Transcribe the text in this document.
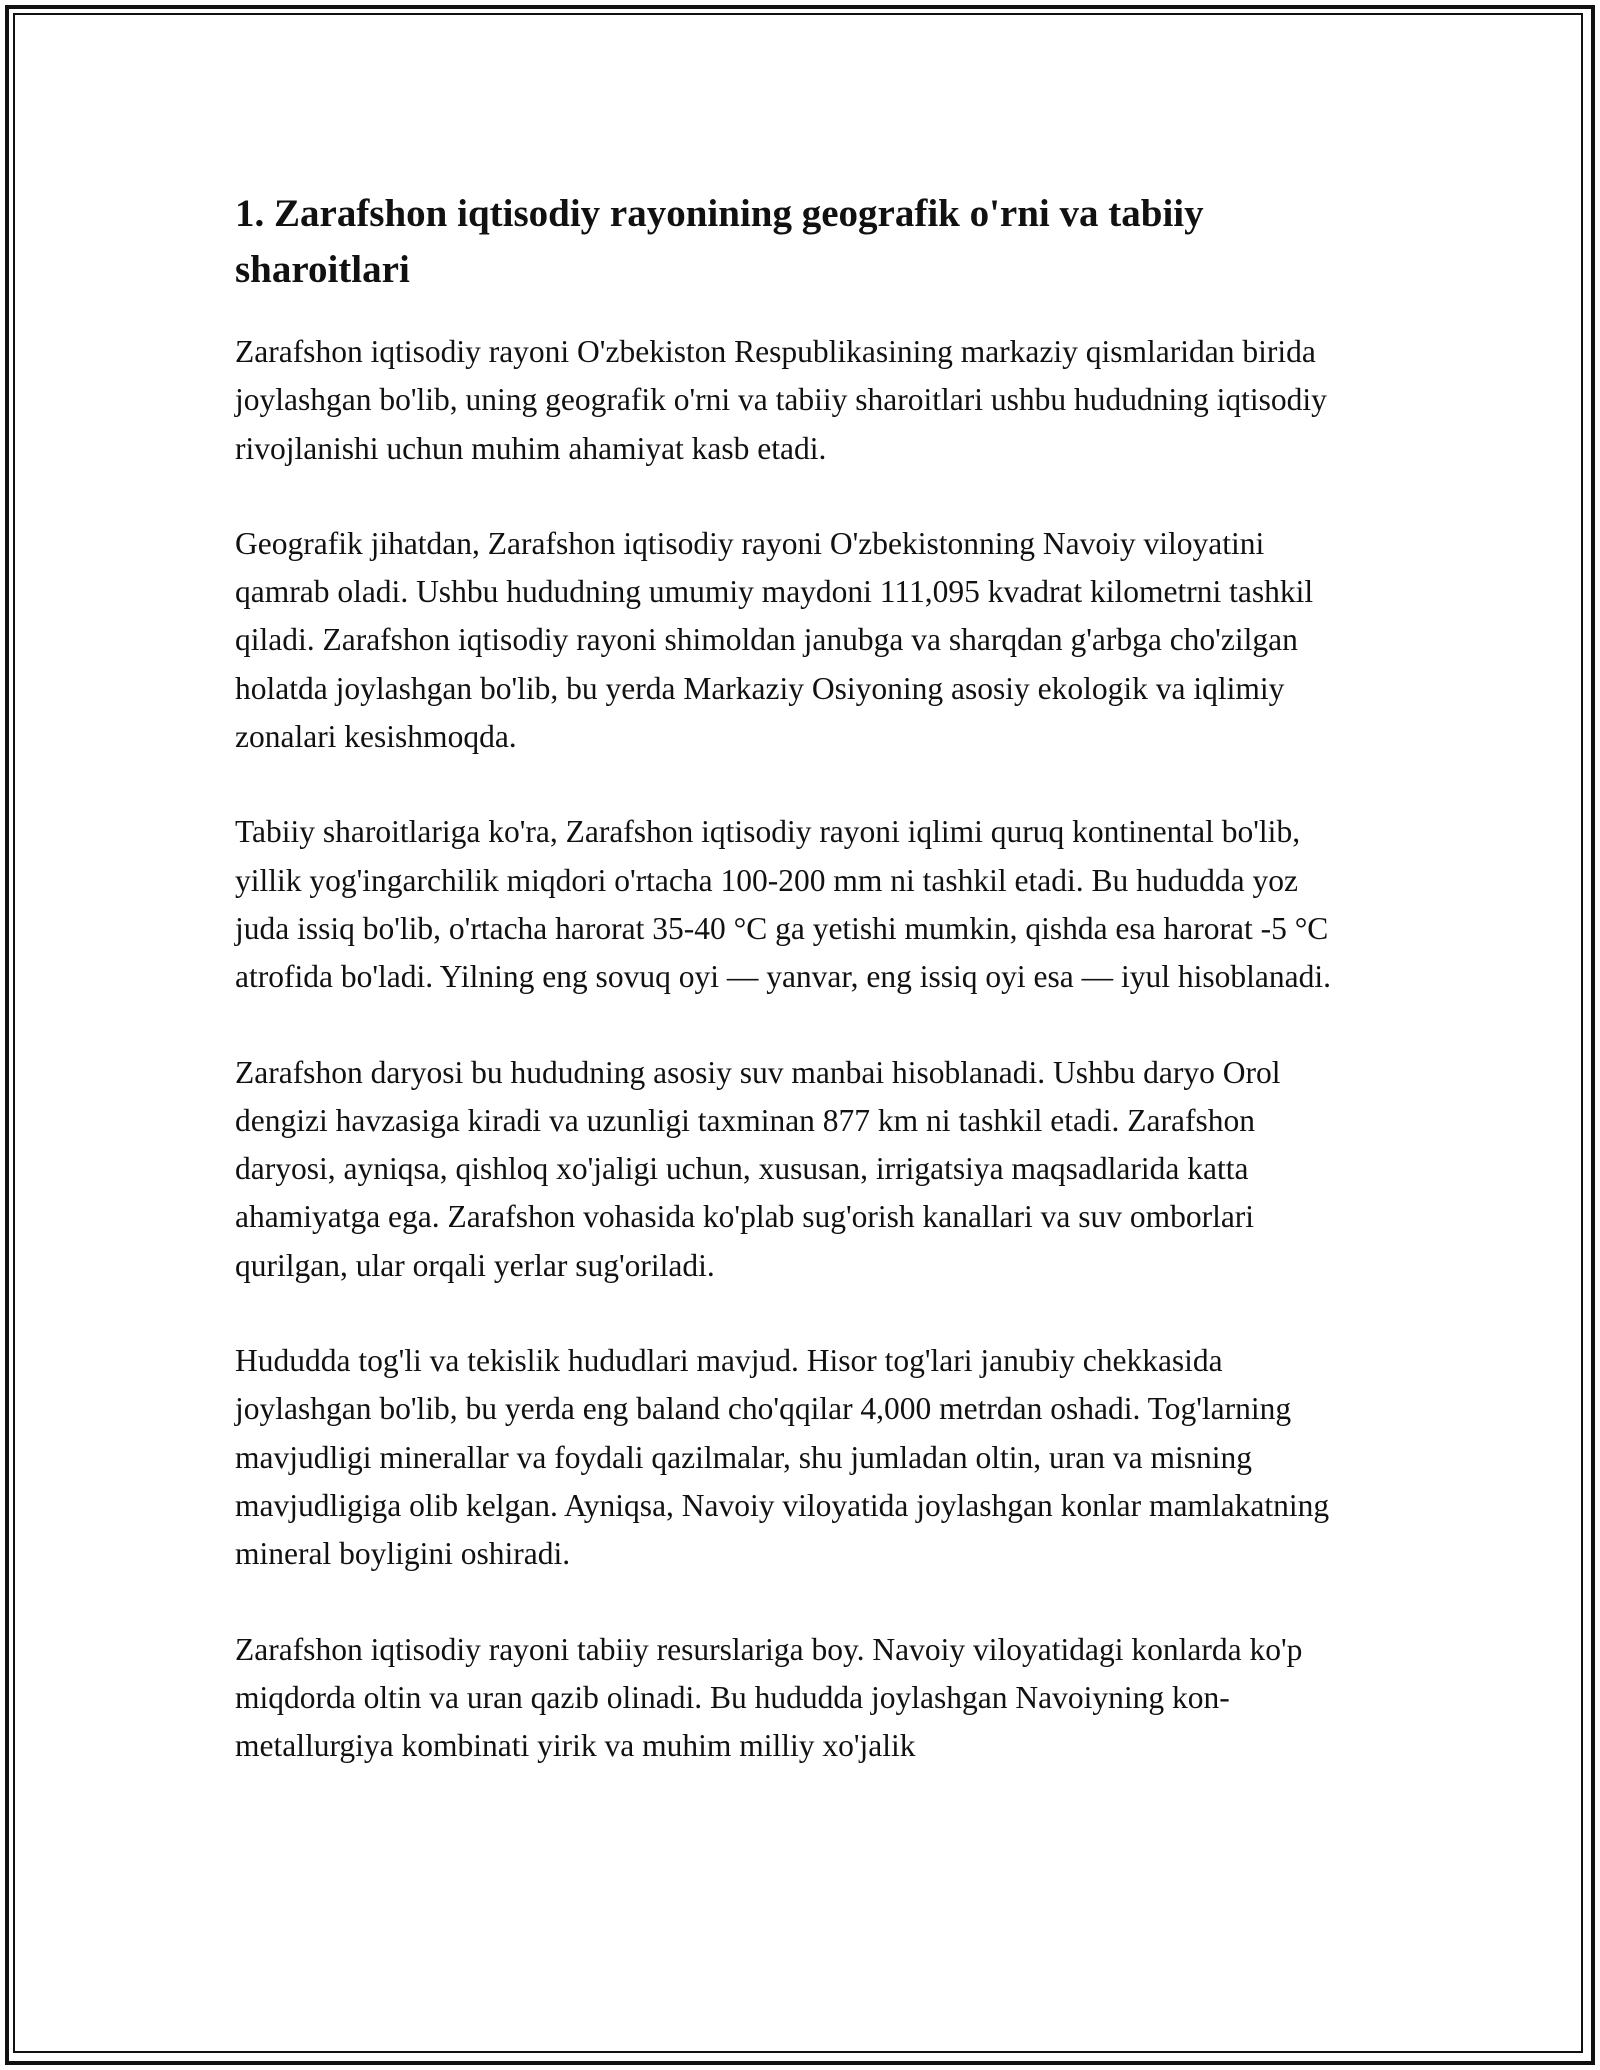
1. Zarafshon iqtisodiy rayonining geografik o'rni va tabiiy sharoitlari

Zarafshon iqtisodiy rayoni O'zbekiston Respublikasining markaziy qismlaridan birida joylashgan bo'lib, uning geografik o'rni va tabiiy sharoitlari ushbu hududning iqtisodiy rivojlanishi uchun muhim ahamiyat kasb etadi.

Geografik jihatdan, Zarafshon iqtisodiy rayoni O'zbekistonning Navoiy viloyatini qamrab oladi. Ushbu hududning umumiy maydoni 111,095 kvadrat kilometrni tashkil qiladi. Zarafshon iqtisodiy rayoni shimoldan janubga va sharqdan g'arbga cho'zilgan holatda joylashgan bo'lib, bu yerda Markaziy Osiyoning asosiy ekologik va iqlimiy zonalari kesishmoqda.

Tabiiy sharoitlariga ko'ra, Zarafshon iqtisodiy rayoni iqlimi quruq kontinental bo'lib, yillik yog'ingarchilik miqdori o'rtacha 100-200 mm ni tashkil etadi. Bu hududda yoz juda issiq bo'lib, o'rtacha harorat 35-40 °C ga yetishi mumkin, qishda esa harorat -5 °C atrofida bo'ladi. Yilning eng sovuq oyi — yanvar, eng issiq oyi esa — iyul hisoblanadi.

Zarafshon daryosi bu hududning asosiy suv manbai hisoblanadi. Ushbu daryo Orol dengizi havzasiga kiradi va uzunligi taxminan 877 km ni tashkil etadi. Zarafshon daryosi, ayniqsa, qishloq xo'jaligi uchun, xususan, irrigatsiya maqsadlarida katta ahamiyatga ega. Zarafshon vohasida ko'plab sug'orish kanallari va suv omborlari qurilgan, ular orqali yerlar sug'oriladi.

Hududda tog'li va tekislik hududlari mavjud. Hisor tog'lari janubiy chekkasida joylashgan bo'lib, bu yerda eng baland cho'qqilar 4,000 metrdan oshadi. Tog'larning mavjudligi minerallar va foydali qazilmalar, shu jumladan oltin, uran va misning mavjudligiga olib kelgan. Ayniqsa, Navoiy viloyatida joylashgan konlar mamlakatning mineral boyligini oshiradi.

Zarafshon iqtisodiy rayoni tabiiy resurslariga boy. Navoiy viloyatidagi konlarda ko'p miqdorda oltin va uran qazib olinadi. Bu hududda joylashgan Navoiyning kon-metallurgiya kombinati yirik va muhim milliy xo'jalik
